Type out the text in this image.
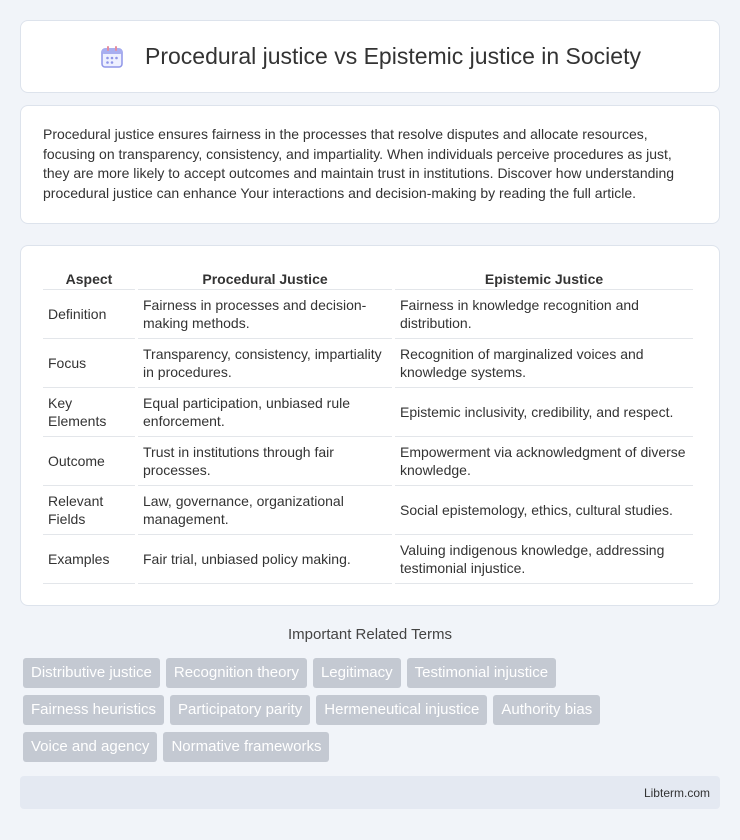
Procedural justice vs Epistemic justice in Society

Procedural justice ensures fairness in the processes that resolve disputes and allocate resources, focusing on transparency, consistency, and impartiality. When individuals perceive procedures as just, they are more likely to accept outcomes and maintain trust in institutions. Discover how understanding procedural justice can enhance Your interactions and decision-making by reading the full article.

Aspect	Procedural Justice	Epistemic Justice
Definition	Fairness in processes and decision-making methods.	Fairness in knowledge recognition and distribution.
Focus	Transparency, consistency, impartiality in procedures.	Recognition of marginalized voices and knowledge systems.
Key Elements	Equal participation, unbiased rule enforcement.	Epistemic inclusivity, credibility, and respect.
Outcome	Trust in institutions through fair processes.	Empowerment via acknowledgment of diverse knowledge.
Relevant Fields	Law, governance, organizational management.	Social epistemology, ethics, cultural studies.
Examples	Fair trial, unbiased policy making.	Valuing indigenous knowledge, addressing testimonial injustice.
Important Related Terms
Distributive justice	Recognition theory	Legitimacy	Testimonial injustice
Fairness heuristics	Participatory parity	Hermeneutical injustice	Authority bias
Voice and agency	Normative frameworks
Libterm.com
